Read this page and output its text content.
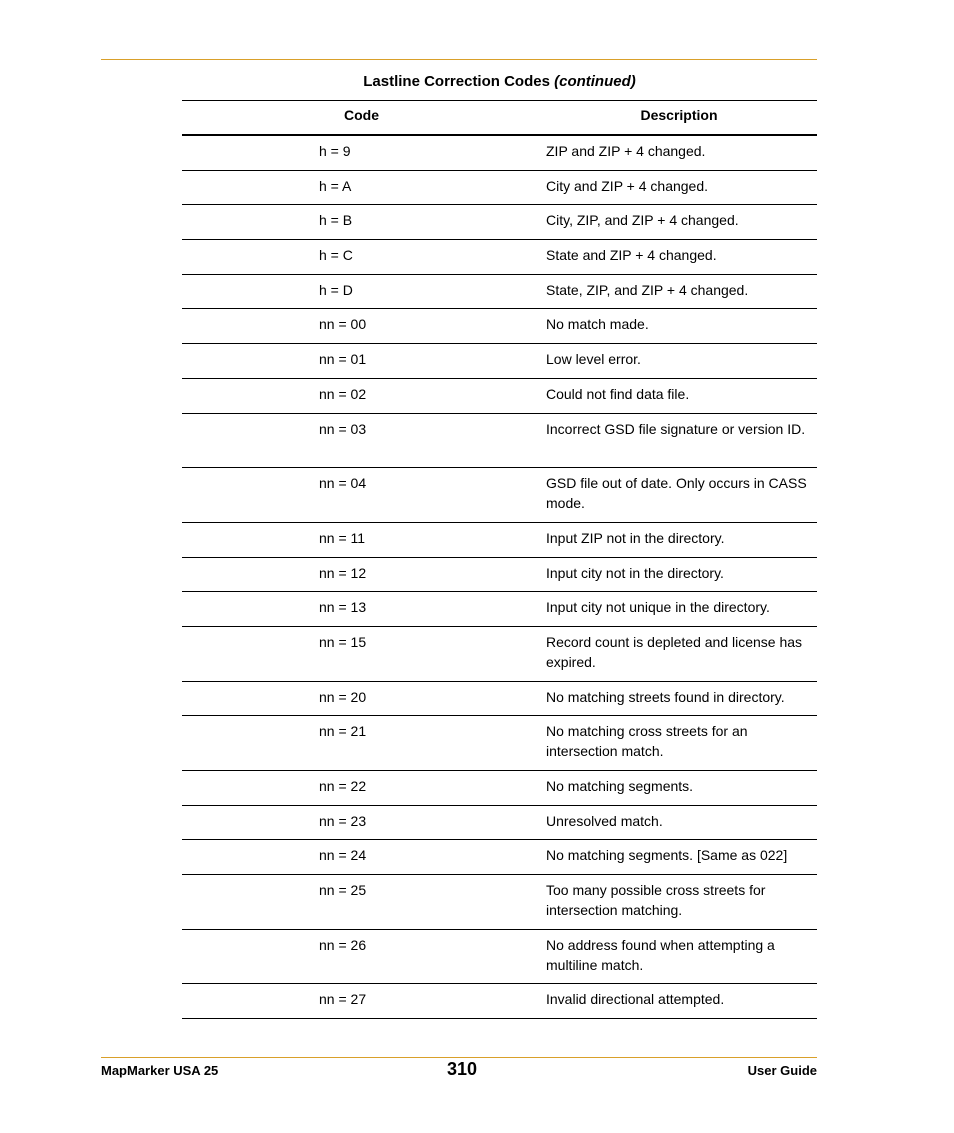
Lastline Correction Codes (continued)
Code	Description
h = 9	ZIP and ZIP + 4 changed.
h = A	City and ZIP + 4 changed.
h = B	City, ZIP, and ZIP + 4 changed.
h = C	State and ZIP + 4 changed.
h = D	State, ZIP, and ZIP + 4 changed.
nn = 00	No match made.
nn = 01	Low level error.
nn = 02	Could not find data file.
nn = 03	Incorrect GSD file signature or version ID.
nn = 04	GSD file out of date. Only occurs in CASS mode.
nn = 11	Input ZIP not in the directory.
nn = 12	Input city not in the directory.
nn = 13	Input city not unique in the directory.
nn = 15	Record count is depleted and license has expired.
nn = 20	No matching streets found in directory.
nn = 21	No matching cross streets for an intersection match.
nn = 22	No matching segments.
nn = 23	Unresolved match.
nn = 24	No matching segments. [Same as 022]
nn = 25	Too many possible cross streets for intersection matching.
nn = 26	No address found when attempting a multiline match.
nn = 27	Invalid directional attempted.
MapMarker USA 25	310	User Guide
